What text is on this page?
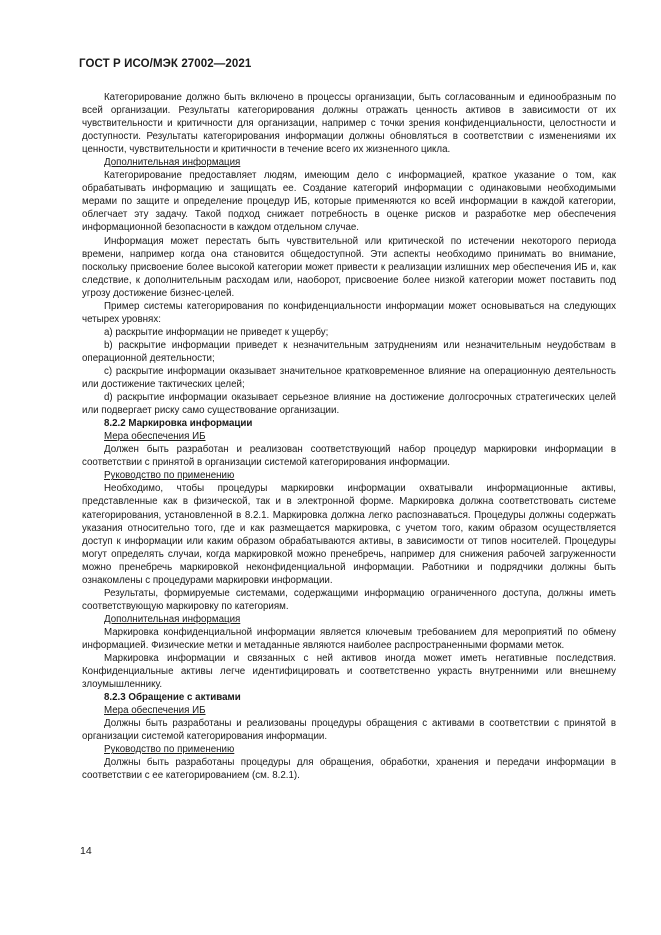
ГОСТ Р ИСО/МЭК 27002—2021

Категорирование должно быть включено в процессы организации, быть согласованным и единообразным по всей организации. Результаты категорирования должны отражать ценность активов в зависимости от их чувствительности и критичности для организации, например с точки зрения конфиденциальности, целостности и доступности. Результаты категорирования информации должны обновляться в соответствии с изменениями их ценности, чувствительности и критичности в течение всего их жизненного цикла.

Дополнительная информация

Категорирование предоставляет людям, имеющим дело с информацией, краткое указание о том, как обрабатывать информацию и защищать ее. Создание категорий информации с одинаковыми необходимыми мерами по защите и определение процедур ИБ, которые применяются ко всей информации в каждой категории, облегчает эту задачу. Такой подход снижает потребность в оценке рисков и разработке мер обеспечения информационной безопасности в каждом отдельном случае.

Информация может перестать быть чувствительной или критической по истечении некоторого периода времени, например когда она становится общедоступной. Эти аспекты необходимо принимать во внимание, поскольку присвоение более высокой категории может привести к реализации излишних мер обеспечения ИБ и, как следствие, к дополнительным расходам или, наоборот, присвоение более низкой категории может поставить под угрозу достижение бизнес-целей.

Пример системы категорирования по конфиденциальности информации может основываться на следующих четырех уровнях:

a) раскрытие информации не приведет к ущербу;

b) раскрытие информации приведет к незначительным затруднениям или незначительным неудобствам в операционной деятельности;

c) раскрытие информации оказывает значительное кратковременное влияние на операционную деятельность или достижение тактических целей;

d) раскрытие информации оказывает серьезное влияние на достижение долгосрочных стратегических целей или подвергает риску само существование организации.

8.2.2 Маркировка информации

Мера обеспечения ИБ

Должен быть разработан и реализован соответствующий набор процедур маркировки информации в соответствии с принятой в организации системой категорирования информации.

Руководство по применению

Необходимо, чтобы процедуры маркировки информации охватывали информационные активы, представленные как в физической, так и в электронной форме. Маркировка должна соответствовать системе категорирования, установленной в 8.2.1. Маркировка должна легко распознаваться. Процедуры должны содержать указания относительно того, где и как размещается маркировка, с учетом того, каким образом осуществляется доступ к информации или каким образом обрабатываются активы, в зависимости от типов носителей. Процедуры могут определять случаи, когда маркировкой можно пренебречь, например для снижения рабочей загруженности можно пренебречь маркировкой неконфиденциальной информации. Работники и подрядчики должны быть ознакомлены с процедурами маркировки информации.

Результаты, формируемые системами, содержащими информацию ограниченного доступа, должны иметь соответствующую маркировку по категориям.

Дополнительная информация

Маркировка конфиденциальной информации является ключевым требованием для мероприятий по обмену информацией. Физические метки и метаданные являются наиболее распространенными формами меток.

Маркировка информации и связанных с ней активов иногда может иметь негативные последствия. Конфиденциальные активы легче идентифицировать и соответственно украсть внутренними или внешнему злоумышленнику.

8.2.3 Обращение с активами

Мера обеспечения ИБ

Должны быть разработаны и реализованы процедуры обращения с активами в соответствии с принятой в организации системой категорирования информации.

Руководство по применению

Должны быть разработаны процедуры для обращения, обработки, хранения и передачи информации в соответствии с ее категорированием (см. 8.2.1).

14
